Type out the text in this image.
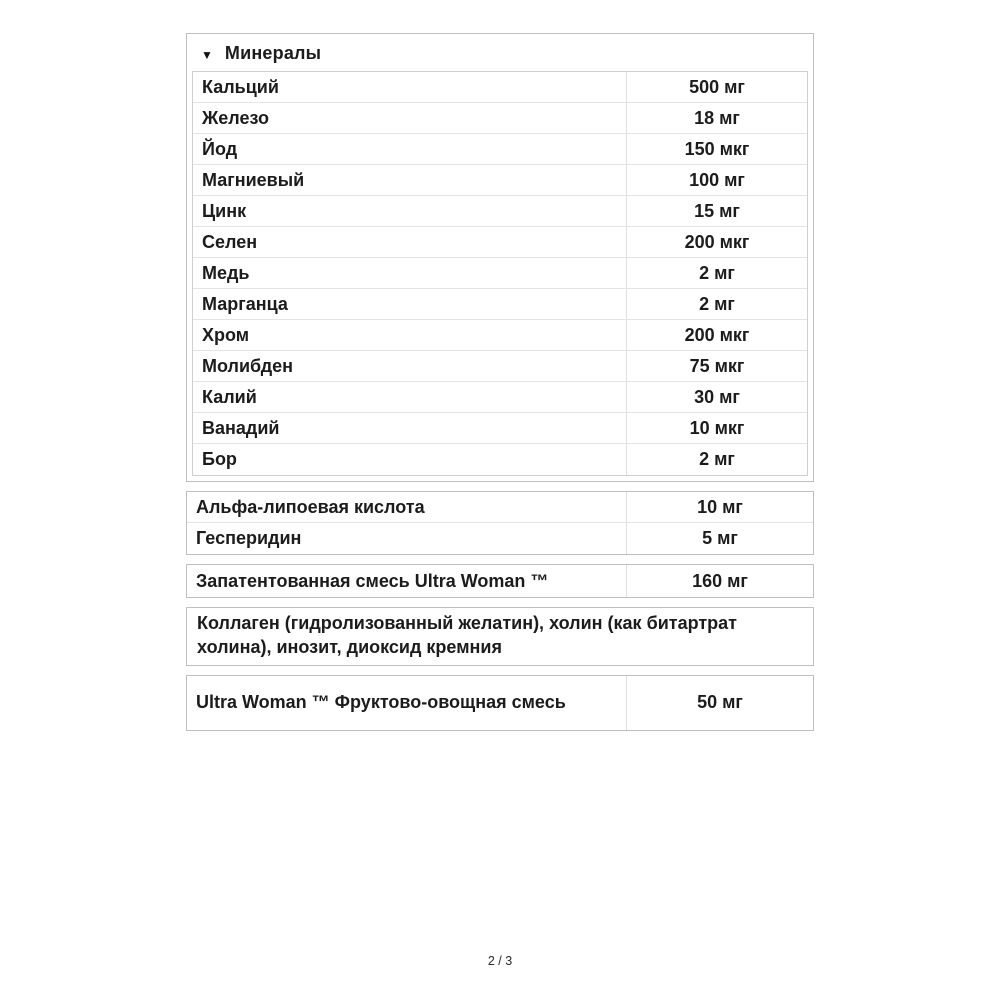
▼ Минералы
Кальций	500 мг
Железо	18 мг
Йод	150 мкг
Магниевый	100 мг
Цинк	15 мг
Селен	200 мкг
Медь	2 мг
Марганца	2 мг
Хром	200 мкг
Молибден	75 мкг
Калий	30 мг
Ванадий	10 мкг
Бор	2 мг
Альфа-липоевая кислота	10 мг
Гесперидин	5 мг
Запатентованная смесь Ultra Woman ™	160 мг
Коллаген (гидролизованный желатин), холин (как битартрат холина), инозит, диоксид кремния
Ultra Woman ™ Фруктово-овощная смесь	50 мг
2 / 3
